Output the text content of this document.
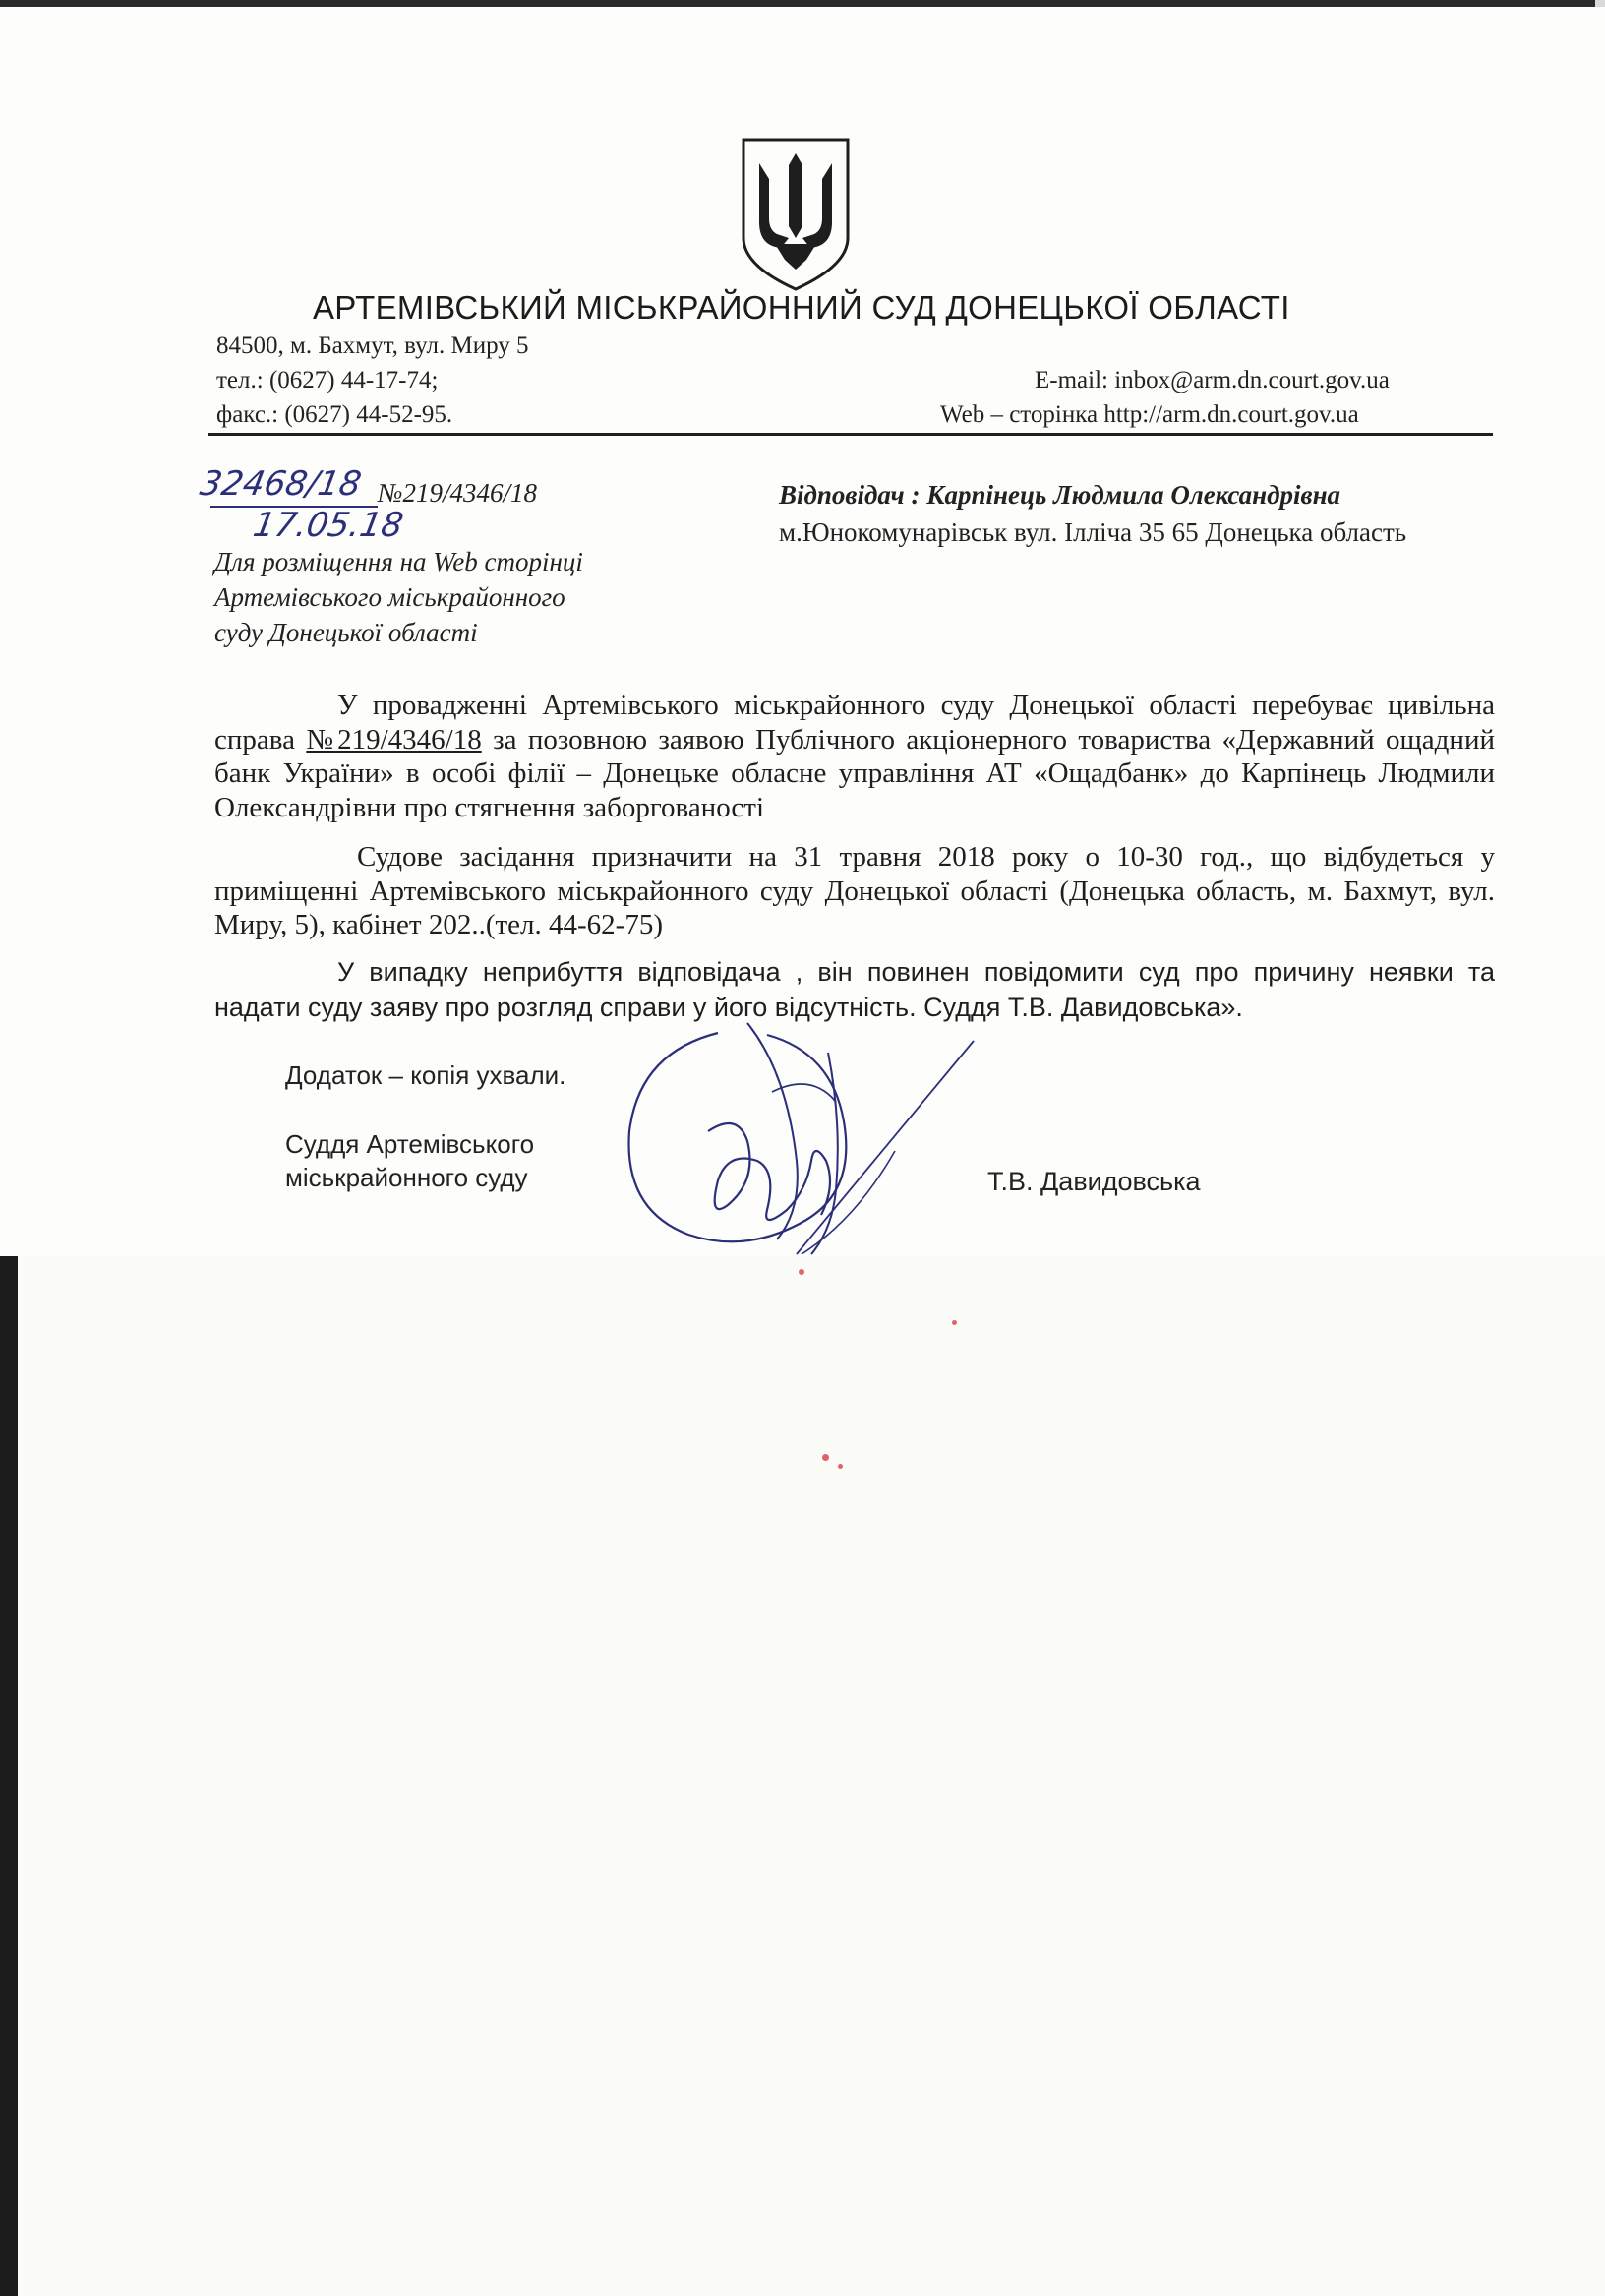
АРТЕМІВСЬКИЙ МІСЬКРАЙОННИЙ СУД ДОНЕЦЬКОЇ ОБЛАСТІ
84500, м. Бахмут, вул. Миру 5
тел.: (0627) 44-17-74;
факс.: (0627) 44-52-95.
E-mail: inbox@arm.dn.court.gov.ua
Web – сторінка http://arm.dn.court.gov.ua
32468/18
17.05.18
№219/4346/18
Для розміщення на Web сторінці
Артемівського міськрайонного
суду Донецької області
Відповідач : Карпінець Людмила Олександрівна
м.Юнокомунарівськ вул. Ілліча 35 65 Донецька область
У провадженні Артемівського міськрайонного суду Донецької області перебуває цивільна справа №219/4346/18 за позовною заявою Публічного акціонерного товариства «Державний ощадний банк України» в особі філії – Донецьке обласне управління АТ «Ощадбанк» до Карпінець Людмили Олександрівни про стягнення заборгованості
Судове засідання призначити на 31 травня 2018 року о 10-30 год., що відбудеться у приміщенні Артемівського міськрайонного суду Донецької області (Донецька область, м. Бахмут, вул. Миру, 5), кабінет 202..(тел. 44-62-75)
У випадку неприбуття відповідача , він повинен повідомити суд про причину неявки та надати суду заяву про розгляд справи у його відсутність. Суддя Т.В. Давидовська».
Додаток – копія ухвали.
Суддя Артемівського
міськрайонного суду	Т.В. Давидовська
